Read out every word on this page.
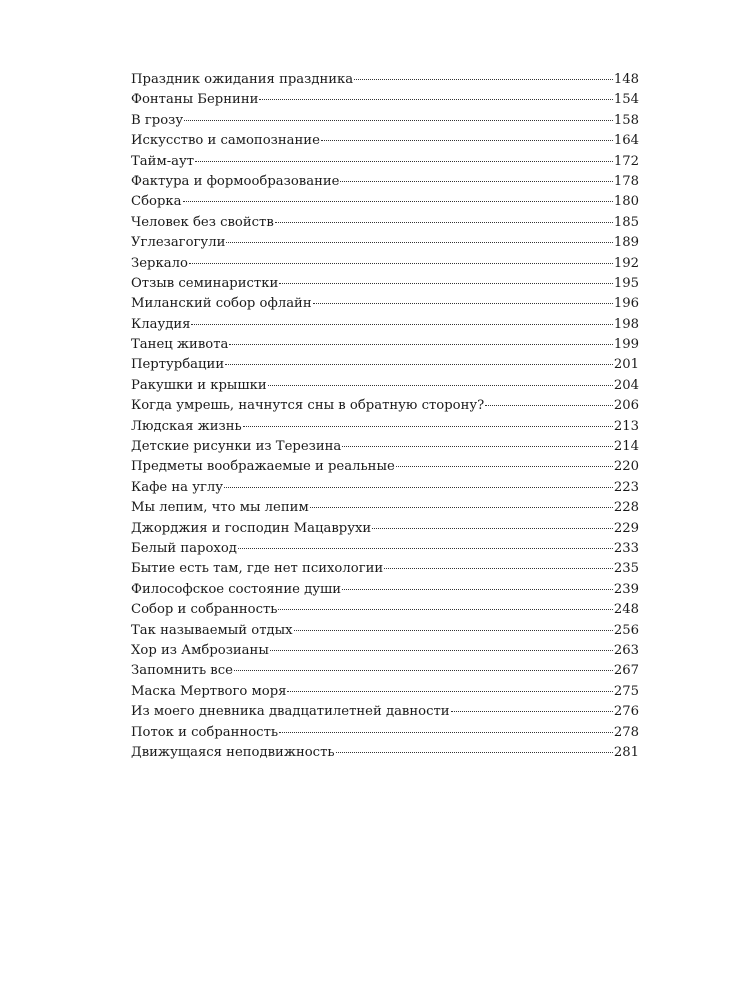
Праздник ожидания праздника	148
Фонтаны Бернини	154
В грозу	158
Искусство и самопознание	164
Тайм-аут	172
Фактура и формообразование	178
Сборка	180
Человек без свойств	185
Углезагогули	189
Зеркало	192
Отзыв семинаристки	195
Миланский собор офлайн	196
Клаудия	198
Танец живота	199
Пертурбации	201
Ракушки и крышки	204
Когда умрешь, начнутся сны в обратную сторону?	206
Людская жизнь	213
Детские рисунки из Терезина	214
Предметы воображаемые и реальные	220
Кафе на углу	223
Мы лепим, что мы лепим	228
Джорджия и господин Мацаврухи	229
Белый пароход	233
Бытие есть там, где нет психологии	235
Философское состояние души	239
Собор и собранность	248
Так называемый отдых	256
Хор из Амброзианы	263
Запомнить все	267
Маска Мертвого моря	275
Из моего дневника двадцатилетней давности	276
Поток и собранность	278
Движущаяся неподвижность	281
